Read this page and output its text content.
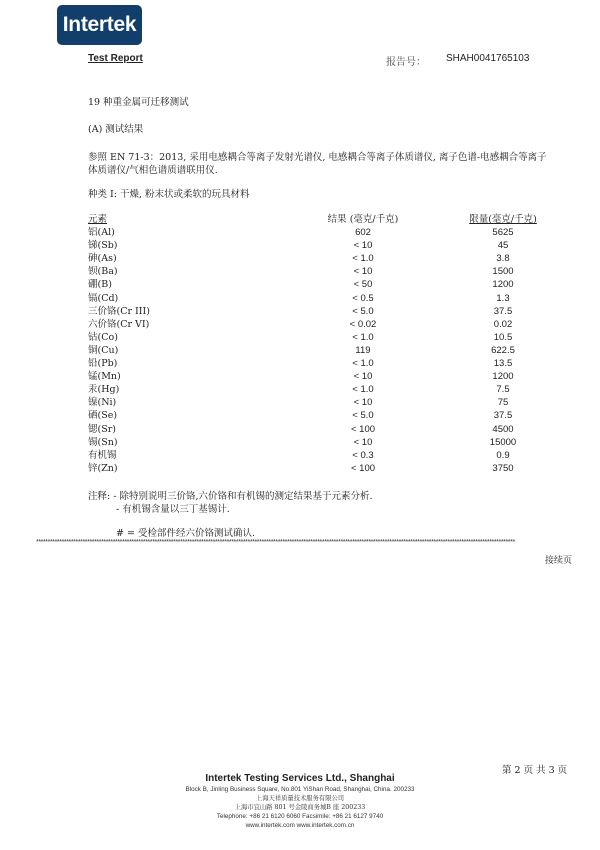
Intertek
Test Report	报告号： SHAH0041765103
19 种重金属可迁移测试
(A) 测试结果
参照 EN 71-3：2013, 采用电感耦合等离子发射光谱仪, 电感耦合等离子体质谱仪, 离子色谱-电感耦合等离子
体质谱仪/气相色谱质谱联用仪.
种类 I: 干燥, 粉末状或柔软的玩具材料
元素	结果 (毫克/千克)	限量(毫克/千克)
铝(Al)	602	5625
锑(Sb)	< 10	45
砷(As)	< 1.0	3.8
钡(Ba)	< 10	1500
硼(B)	< 50	1200
镉(Cd)	< 0.5	1.3
三价铬(Cr III)	< 5.0	37.5
六价铬(Cr VI)	< 0.02	0.02
钴(Co)	< 1.0	10.5
铜(Cu)	119	622.5
铅(Pb)	< 1.0	13.5
锰(Mn)	< 10	1200
汞(Hg)	< 1.0	7.5
镍(Ni)	< 10	75
硒(Se)	< 5.0	37.5
锶(Sr)	< 100	4500
锡(Sn)	< 10	15000
有机锡	< 0.3	0.9
锌(Zn)	< 100	3750
注释: - 除特别说明三价铬,六价铬和有机锡的测定结果基于元素分析.
- 有机锡含量以三丁基锡计.
# = 受检部件经六价铬测试确认.
**************************************************************************************************************************************************************************************************************
接续页
第 2 页 共 3 页
Intertek Testing Services Ltd., Shanghai
Block B, Jinling Business Square, No.801 YiShan Road, Shanghai, China. 200233
上海天祥质量技术服务有限公司
上海市宜山路 801 号金陵商务城B 座 200233
Telephone: +86 21 6120 6060 Facsimile: +86 21 6127 9740
www.intertek.com www.intertek.com.cn
